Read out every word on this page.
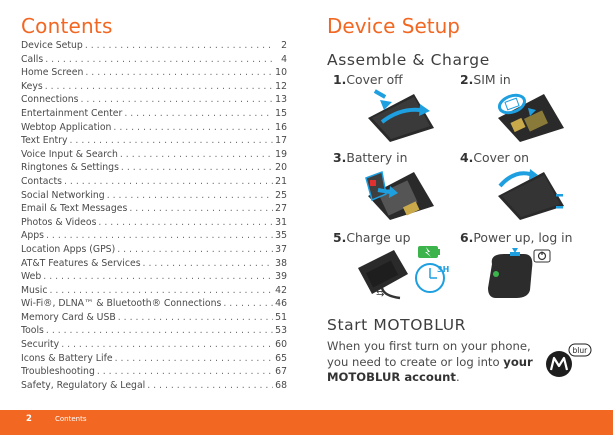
Contents
Device Setup . . .	2
Calls . . .	4
Home Screen . . .	10
Keys . . .	12
Connections . . .	13
Entertainment Center . . .	15
Webtop Application . . .	16
Text Entry . . .	17
Voice Input & Search . . .	19
Ringtones & Settings . . .	20
Contacts . . .	21
Social Networking . . .	25
Email & Text Messages . . .	27
Photos & Videos . . .	31
Apps . . .	35
Location Apps (GPS) . . .	37
AT&T Features & Services . . .	38
Web . . .	39
Music . . .	42
Wi-Fi®, DLNA™ & Bluetooth® Connections . . .	46
Memory Card & USB . . .	51
Tools . . .	53
Security . . .	60
Icons & Battery Life . . .	65
Troubleshooting . . .	67
Safety, Regulatory & Legal . . .	68
Device Setup
Assemble & Charge
1.Cover off	2.SIM in
3.Battery in	4.Cover on
5.Charge up	6.Power up, log in
⇆
3H
Start MOTOBLUR
When you first turn on your phone, you need to create or log into your MOTOBLUR account.
blur
2	Contents
